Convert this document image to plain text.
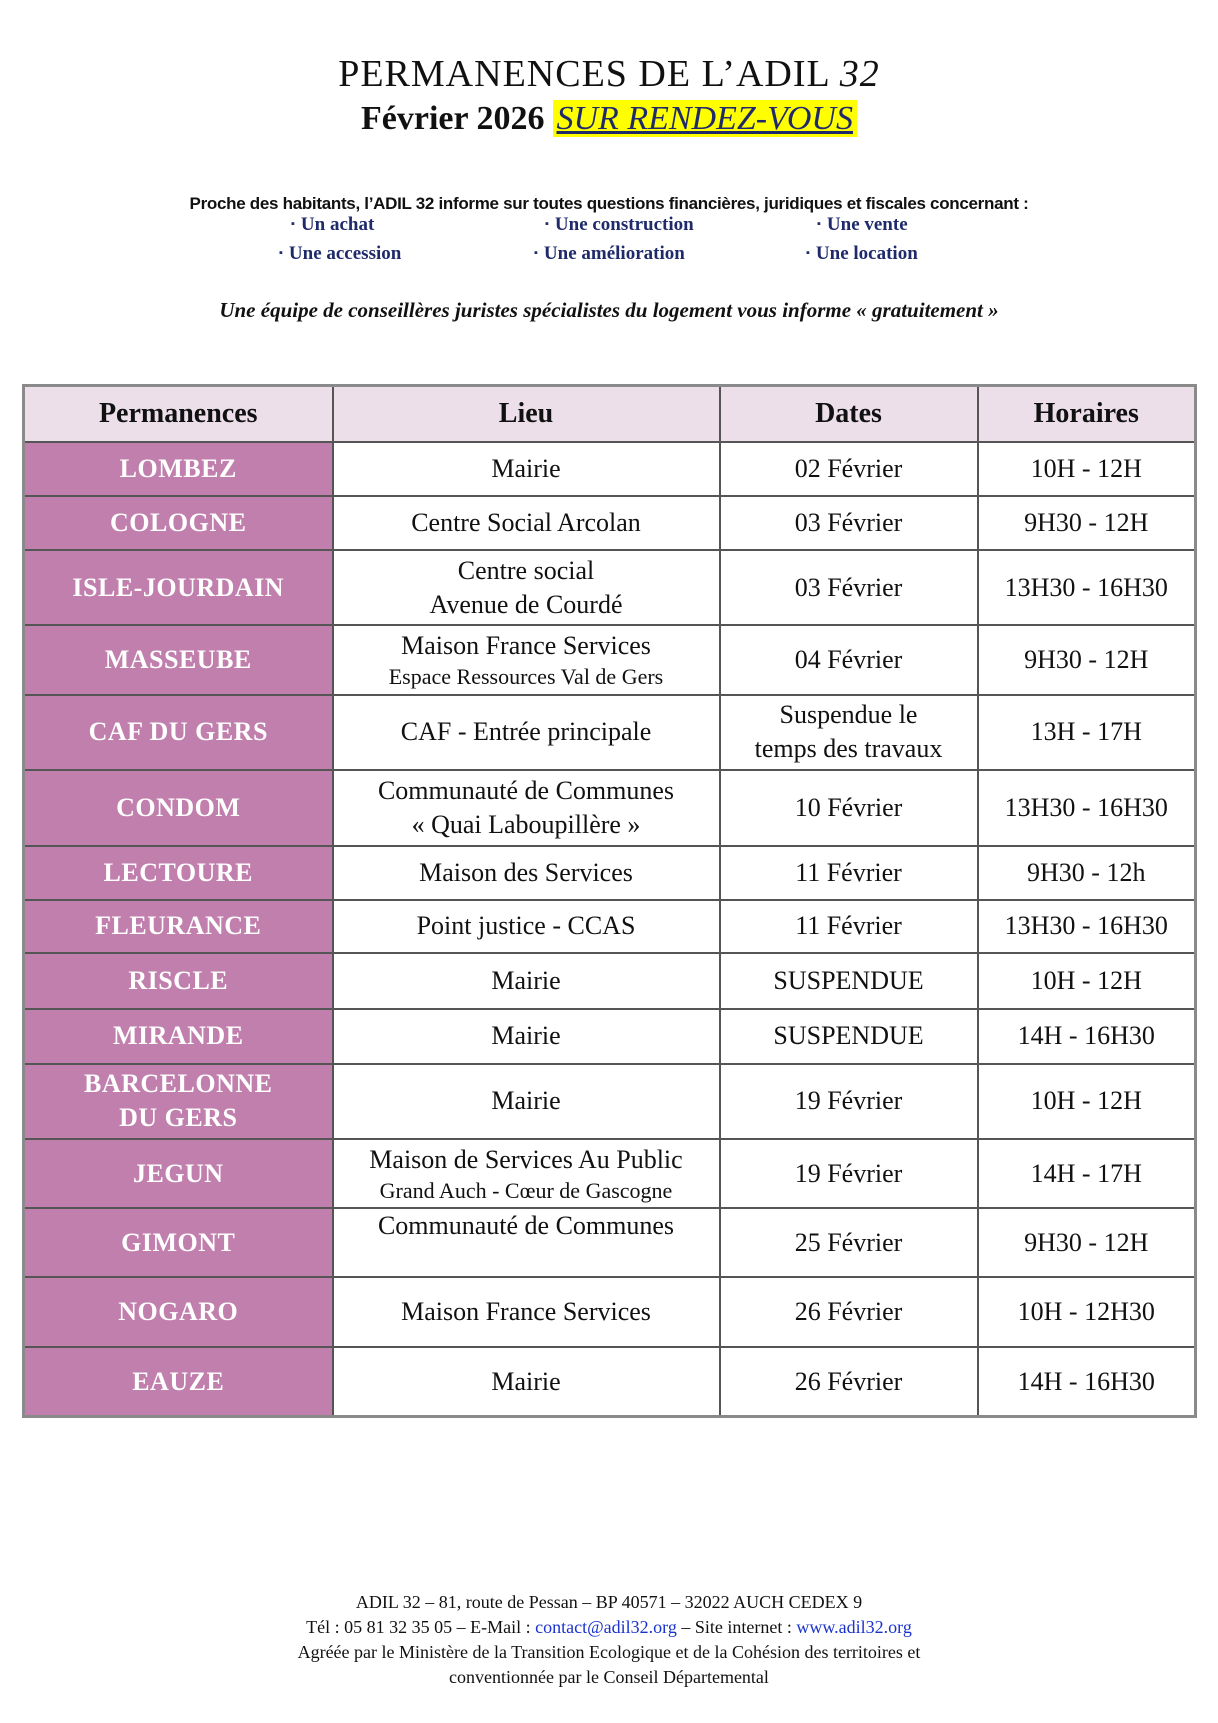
PERMANENCES DE L’ADIL 32
Février 2026 SUR RENDEZ-VOUS
Proche des habitants, l’ADIL 32 informe sur toutes questions financières, juridiques et fiscales concernant :
▪ Un achat	▪ Une construction	▪ Une vente
▪ Une accession	▪ Une amélioration	▪ Une location
Une équipe de conseillères juristes spécialistes du logement vous informe « gratuitement »
Permanences	Lieu	Dates	Horaires

LOMBEZ	Mairie	02 Février	10H - 12H

COLOGNE	Centre Social Arcolan	03 Février	9H30 - 12H

ISLE-JOURDAIN	Centre social
Avenue de Courdé	03 Février	13H30 - 16H30

MASSEUBE	Maison France Services
Espace Ressources Val de Gers	04 Février	9H30 - 12H

CAF DU GERS	CAF - Entrée principale	Suspendue le
temps des travaux	13H - 17H

CONDOM	Communauté de Communes
« Quai Laboupillère »	10 Février	13H30 - 16H30

LECTOURE	Maison des Services	11 Février	9H30 - 12h

FLEURANCE	Point justice - CCAS	11 Février	13H30 - 16H30

RISCLE	Mairie	SUSPENDUE	10H - 12H

MIRANDE	Mairie	SUSPENDUE	14H - 16H30

BARCELONNE
DU GERS	Mairie	19 Février	10H - 12H

JEGUN	Maison de Services Au Public
Grand Auch - Cœur de Gascogne	19 Février	14H - 17H

GIMONT	Communauté de Communes	25 Février	9H30 - 12H

NOGARO	Maison France Services	26 Février	10H - 12H30

EAUZE	Mairie	26 Février	14H - 16H30
ADIL 32 – 81, route de Pessan – BP 40571 – 32022 AUCH CEDEX 9
Tél : 05 81 32 35 05 – E-Mail : contact@adil32.org – Site internet : www.adil32.org
Agréée par le Ministère de la Transition Ecologique et de la Cohésion des territoires et
conventionnée par le Conseil Départemental
